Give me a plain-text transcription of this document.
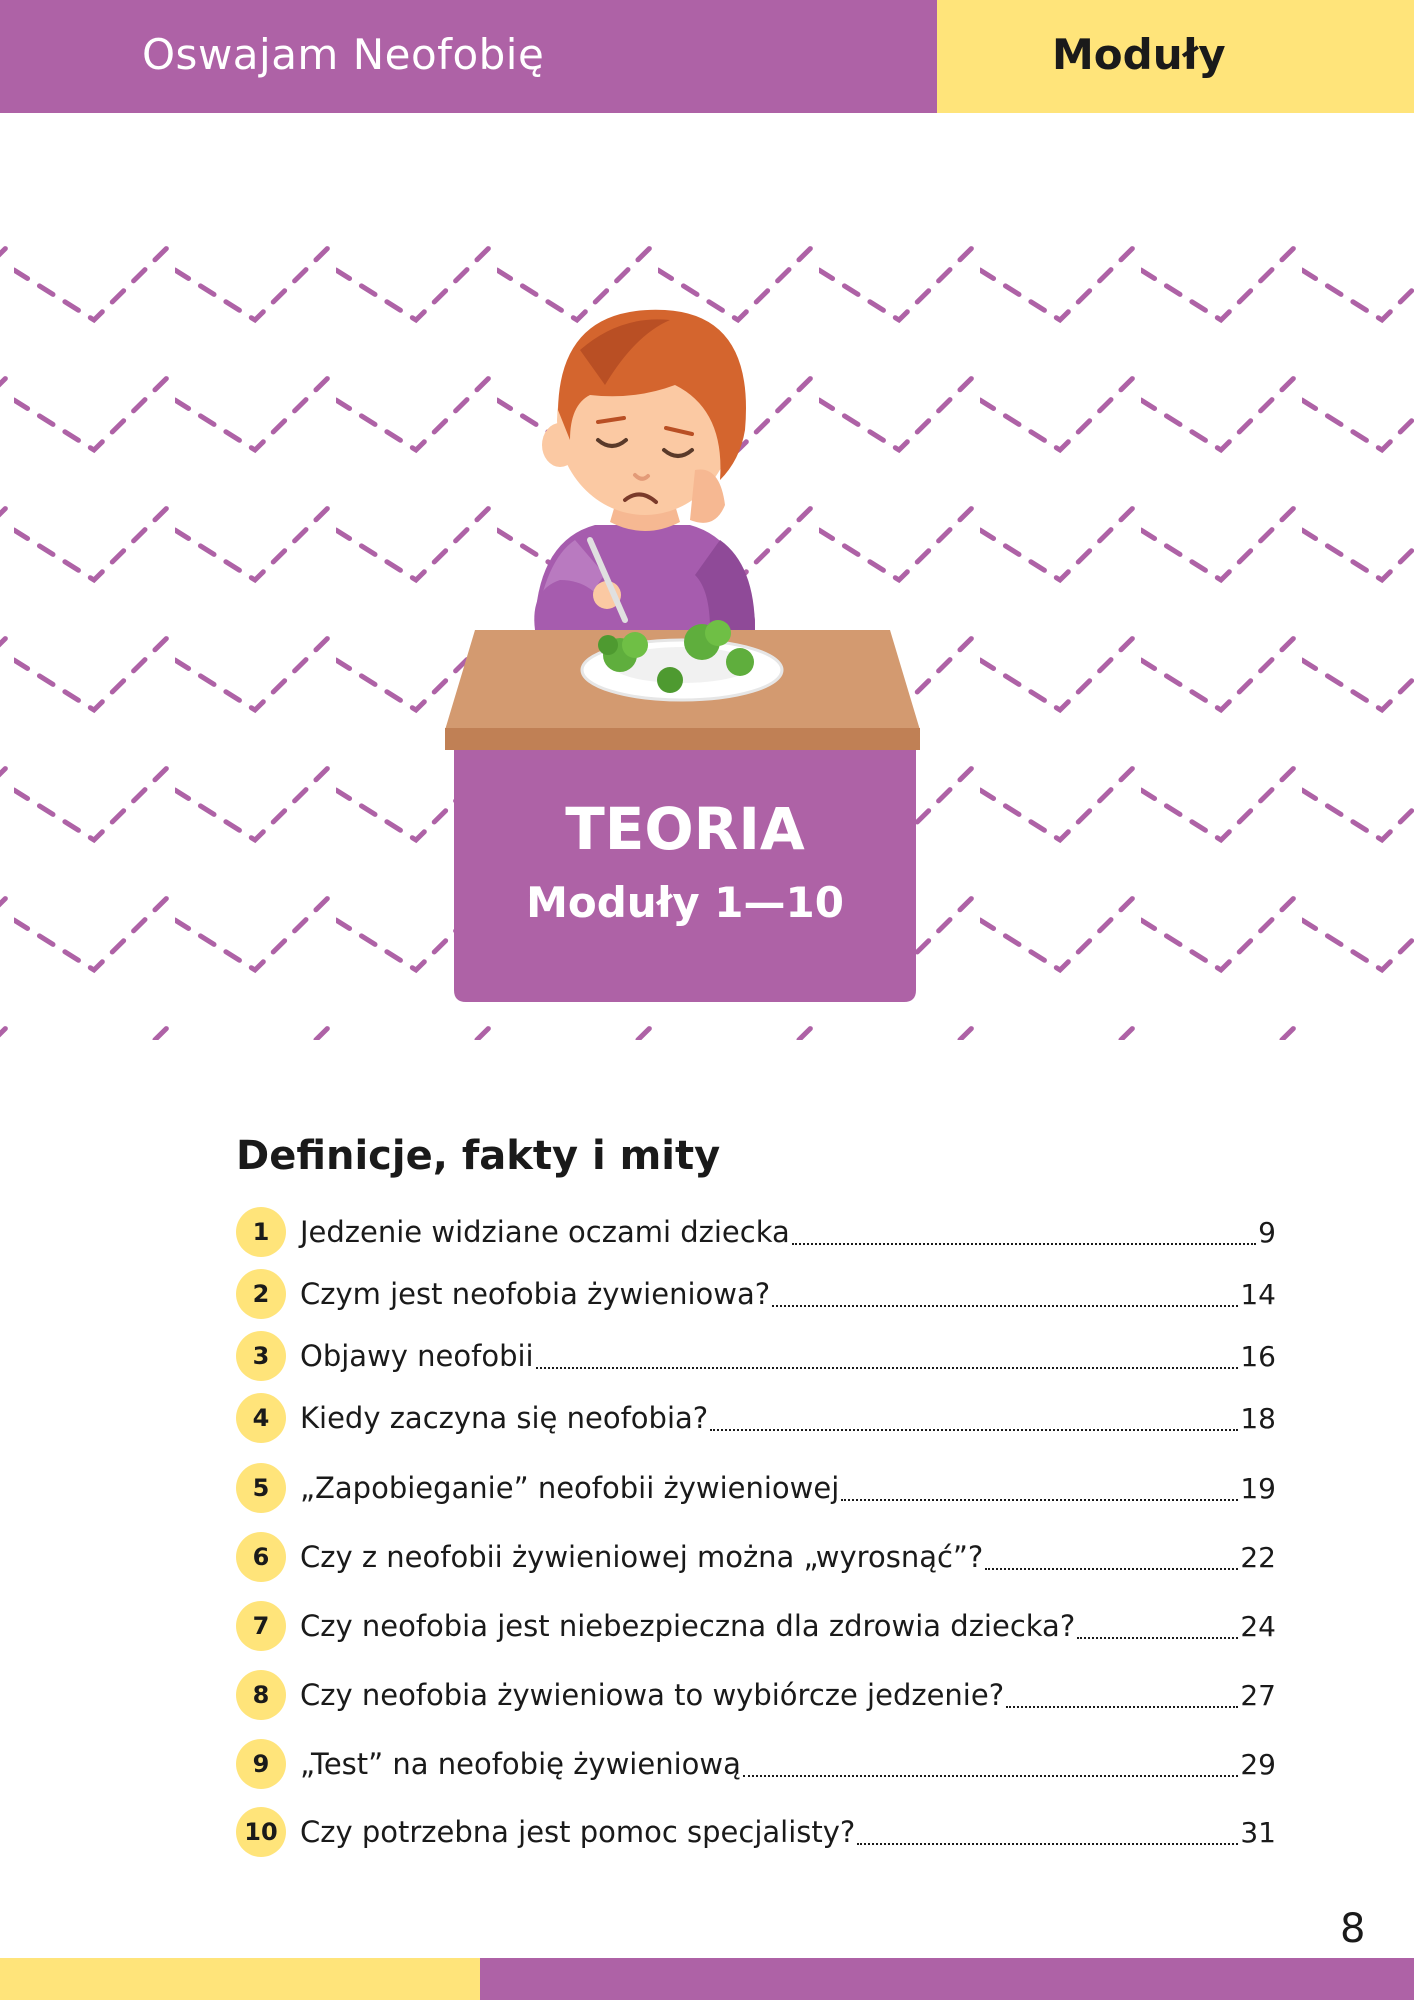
Oswajam Neofobię	Moduły
TEORIA
Moduły 1—10
Definicje, fakty i mity
1	Jedzenie widziane oczami dziecka	9
2	Czym jest neofobia żywieniowa?	14
3	Objawy neofobii	16
4	Kiedy zaczyna się neofobia?	18
5	„Zapobieganie” neofobii żywieniowej	19
6	Czy z neofobii żywieniowej można „wyrosnąć”?	22
7	Czy neofobia jest niebezpieczna dla zdrowia dziecka?	24
8	Czy neofobia żywieniowa to wybiórcze jedzenie?	27
9	„Test” na neofobię żywieniową	29
10 Czy potrzebna jest pomoc specjalisty?	31
8
